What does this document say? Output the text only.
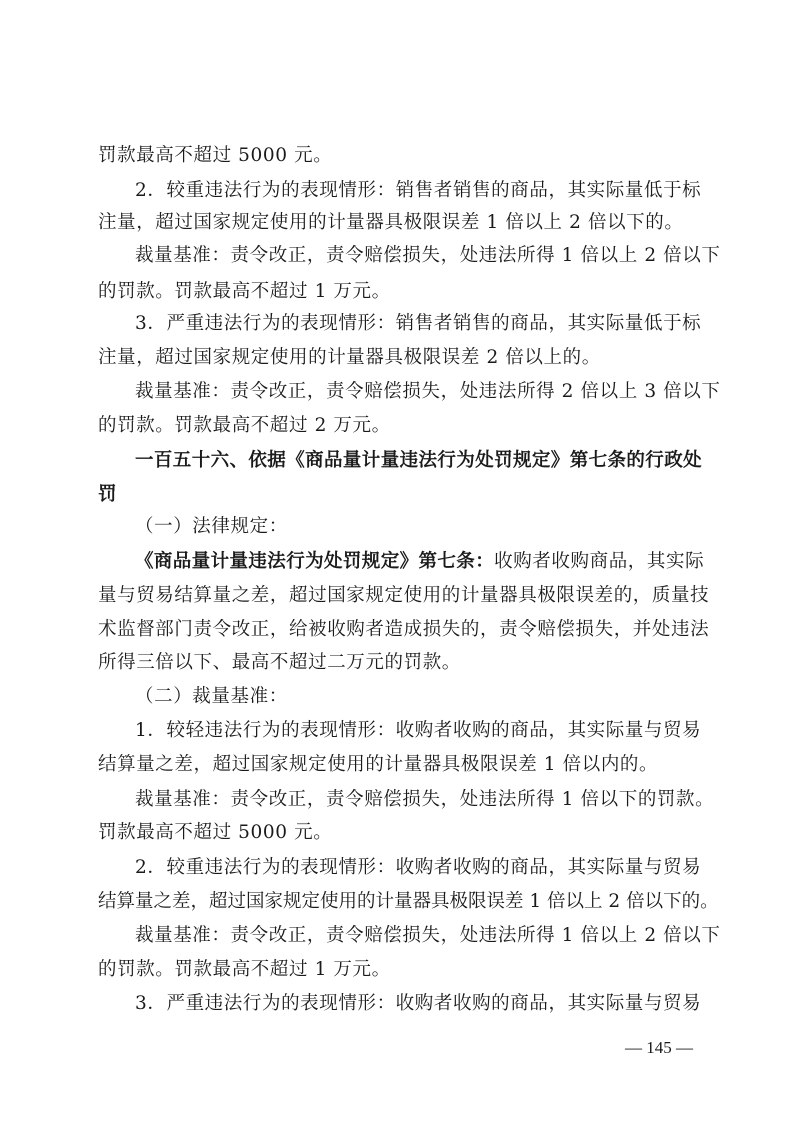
罚款最高不超过 5000 元。
2．较重违法行为的表现情形：销售者销售的商品，其实际量低于标
注量，超过国家规定使用的计量器具极限误差 1 倍以上 2 倍以下的。
裁量基准：责令改正，责令赔偿损失，处违法所得 1 倍以上 2 倍以下
的罚款。罚款最高不超过 1 万元。
3．严重违法行为的表现情形：销售者销售的商品，其实际量低于标
注量，超过国家规定使用的计量器具极限误差 2 倍以上的。
裁量基准：责令改正，责令赔偿损失，处违法所得 2 倍以上 3 倍以下
的罚款。罚款最高不超过 2 万元。
一百五十六、依据《商品量计量违法行为处罚规定》第七条的行政处
罚
（一）法律规定：
《商品量计量违法行为处罚规定》第七条：收购者收购商品，其实际
量与贸易结算量之差，超过国家规定使用的计量器具极限误差的，质量技
术监督部门责令改正，给被收购者造成损失的，责令赔偿损失，并处违法
所得三倍以下、最高不超过二万元的罚款。
（二）裁量基准：
1．较轻违法行为的表现情形：收购者收购的商品，其实际量与贸易
结算量之差，超过国家规定使用的计量器具极限误差 1 倍以内的。
裁量基准：责令改正，责令赔偿损失，处违法所得 1 倍以下的罚款。
罚款最高不超过 5000 元。
2．较重违法行为的表现情形：收购者收购的商品，其实际量与贸易
结算量之差，超过国家规定使用的计量器具极限误差 1 倍以上 2 倍以下的。
裁量基准：责令改正，责令赔偿损失，处违法所得 1 倍以上 2 倍以下
的罚款。罚款最高不超过 1 万元。
3．严重违法行为的表现情形：收购者收购的商品，其实际量与贸易
— 145 —
